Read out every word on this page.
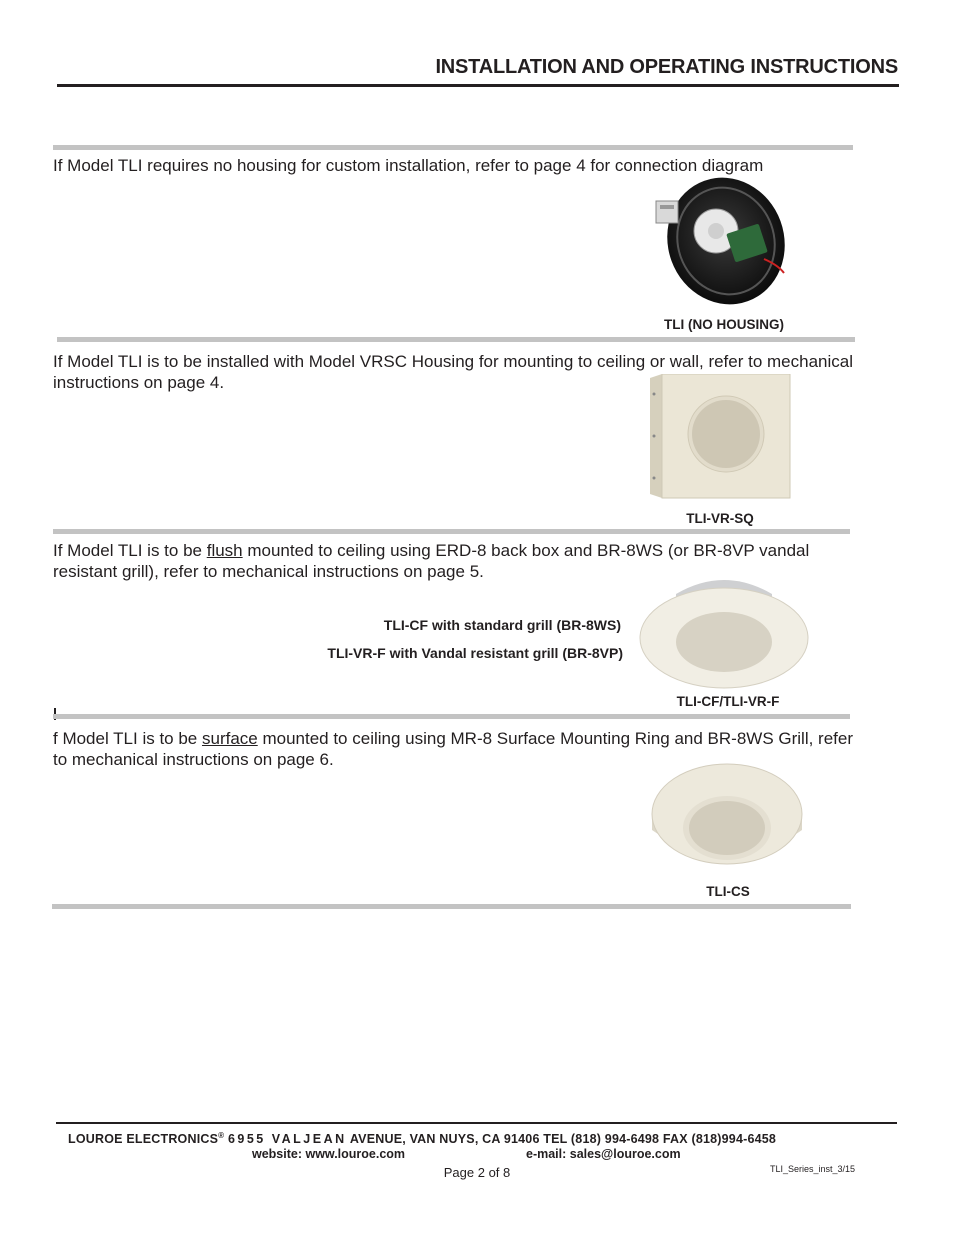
INSTALLATION AND OPERATING INSTRUCTIONS
If Model TLI requires no housing for custom installation, refer to page 4 for connection diagram
TLI (NO HOUSING)
If Model TLI is to be installed with Model VRSC Housing for mounting to ceiling or wall, refer to mechanical instructions on page 4.
TLI-VR-SQ
If Model TLI is to be flush mounted to ceiling using ERD-8 back box and BR-8WS (or BR-8VP vandal resistant grill), refer to mechanical instructions on page 5.
TLI-CF with standard grill (BR-8WS)
TLI-VR-F with Vandal resistant grill (BR-8VP)
TLI-CF/TLI-VR-F
f Model TLI is to be surface mounted to ceiling using MR-8 Surface Mounting Ring and BR-8WS Grill, refer to mechanical instructions on page 6.
TLI-CS
LOUROE ELECTRONICS® 6955 VALJEAN AVENUE, VAN NUYS, CA 91406 TEL (818) 994-6498 FAX (818)994-6458
website: www.louroe.com	e-mail: sales@louroe.com
Page 2 of 8	TLI_Series_inst_3/15
